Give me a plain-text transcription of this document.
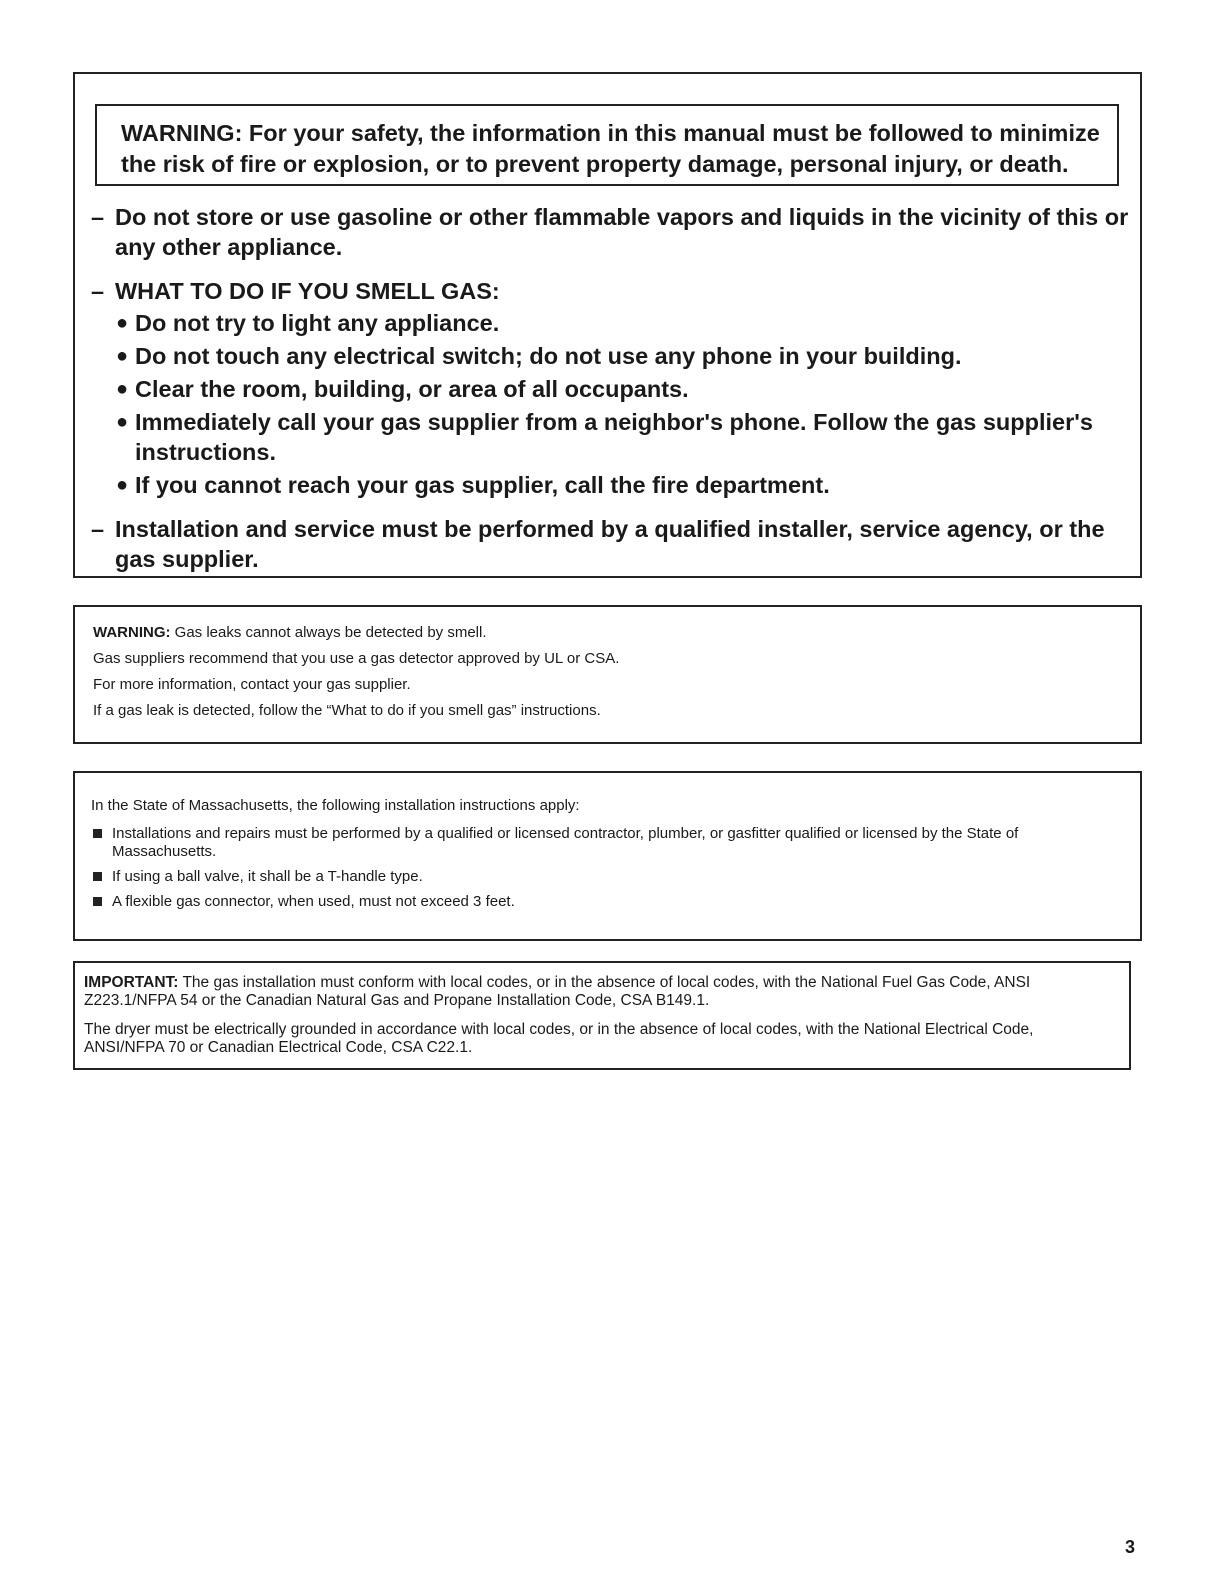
WARNING: For your safety, the information in this manual must be followed to minimize
the risk of fire or explosion, or to prevent property damage, personal injury, or death.
– Do not store or use gasoline or other flammable vapors and liquids in the vicinity of this or any other appliance.

– WHAT TO DO IF YOU SMELL GAS:

● Do not try to light any appliance.
● Do not touch any electrical switch; do not use any phone in your building.
● Clear the room, building, or area of all occupants.
● Immediately call your gas supplier from a neighbor's phone. Follow the gas supplier's instructions.
● If you cannot reach your gas supplier, call the fire department.
– Installation and service must be performed by a qualified installer, service agency, or the gas supplier.

WARNING: Gas leaks cannot always be detected by smell.
Gas suppliers recommend that you use a gas detector approved by UL or CSA.
For more information, contact your gas supplier.
If a gas leak is detected, follow the “What to do if you smell gas” instructions.
In the State of Massachusetts, the following installation instructions apply:
Installations and repairs must be performed by a qualified or licensed contractor, plumber, or gasfitter qualified or licensed by the State of Massachusetts.
If using a ball valve, it shall be a T-handle type.
A flexible gas connector, when used, must not exceed 3 feet.

IMPORTANT: The gas installation must conform with local codes, or in the absence of local codes, with the National Fuel Gas Code, ANSI Z223.1/NFPA 54 or the Canadian Natural Gas and Propane Installation Code, CSA B149.1.

The dryer must be electrically grounded in accordance with local codes, or in the absence of local codes, with the National Electrical Code, ANSI/NFPA 70 or Canadian Electrical Code, CSA C22.1.

3
